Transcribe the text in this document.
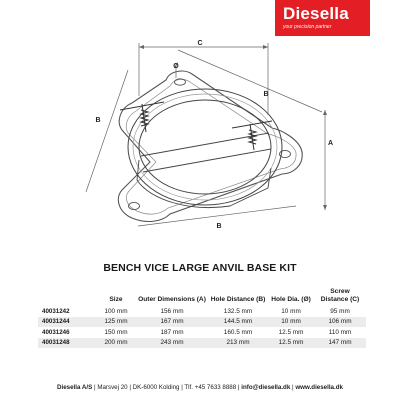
Diesella
your precision partner
C
Ø
B
B
B
A
BENCH VICE LARGE ANVIL BASE KIT
	Size	Outer Dimensions (A)	Hole Distance (B)	Hole Dia. (Ø)	Screw Distance (C)
40031242	100 mm	156 mm	132.5 mm	10 mm	95 mm
40031244	125 mm	167 mm	144.5 mm	10 mm	106 mm
40031246	150 mm	187 mm	160.5 mm	12.5 mm	110 mm
40031248	200 mm	243 mm	213 mm	12.5 mm	147 mm
Diesella A/S | Marsvej 20 | DK-6000 Kolding | Tlf. +45 7633 8888 | info@diesella.dk | www.diesella.dk
